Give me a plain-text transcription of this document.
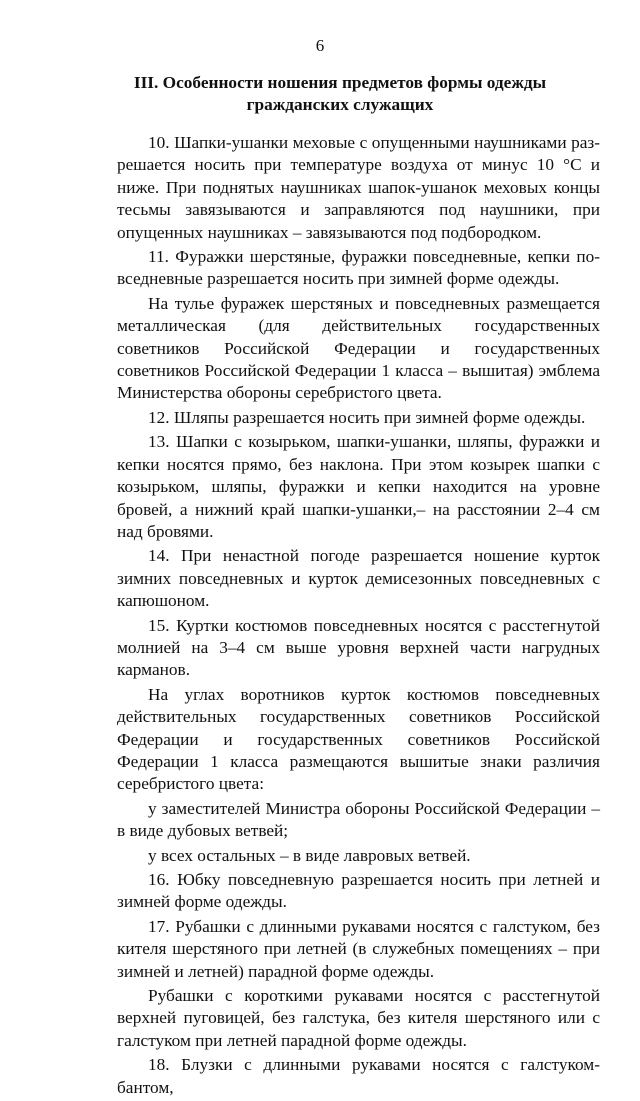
6
III. Особенности ношения предметов формы одежды
гражданских служащих

10. Шапки-ушанки меховые с опущенными наушниками разрешается носить при температуре воздуха от минус 10 °С и ниже. При поднятых наушниках шапок-ушанок меховых концы тесьмы завязываются и заправляются под наушники, при опущенных наушниках – завязываются под подбородком.

11. Фуражки шерстяные, фуражки повседневные, кепки повседневные разрешается носить при зимней форме одежды.

На тулье фуражек шерстяных и повседневных размещается металлическая (для действительных государственных советников Российской Федерации и государственных советников Российской Федерации 1 класса – вышитая) эмблема Министерства обороны серебристого цвета.

12. Шляпы разрешается носить при зимней форме одежды.

13. Шапки с козырьком, шапки-ушанки, шляпы, фуражки и кепки носятся прямо, без наклона. При этом козырек шапки с козырьком, шляпы, фуражки и кепки находится на уровне бровей, а нижний край шапки-ушанки,– на расстоянии 2–4 см над бровями.

14. При ненастной погоде разрешается ношение курток зимних повседневных и курток демисезонных повседневных с капюшоном.

15. Куртки костюмов повседневных носятся с расстегнутой молнией на 3–4 см выше уровня верхней части нагрудных карманов.

На углах воротников курток костюмов повседневных действительных государственных советников Российской Федерации и государственных советников Российской Федерации 1 класса размещаются вышитые знаки различия серебристого цвета:

у заместителей Министра обороны Российской Федерации – в виде дубовых ветвей;

у всех остальных – в виде лавровых ветвей.

16. Юбку повседневную разрешается носить при летней и зимней форме одежды.

17. Рубашки с длинными рукавами носятся с галстуком, без кителя шерстяного при летней (в служебных помещениях – при зимней и летней) парадной форме одежды.

Рубашки с короткими рукавами носятся с расстегнутой верхней пуговицей, без галстука, без кителя шерстяного или с галстуком при летней парадной форме одежды.

18. Блузки с длинными рукавами носятся с галстуком-бантом,
